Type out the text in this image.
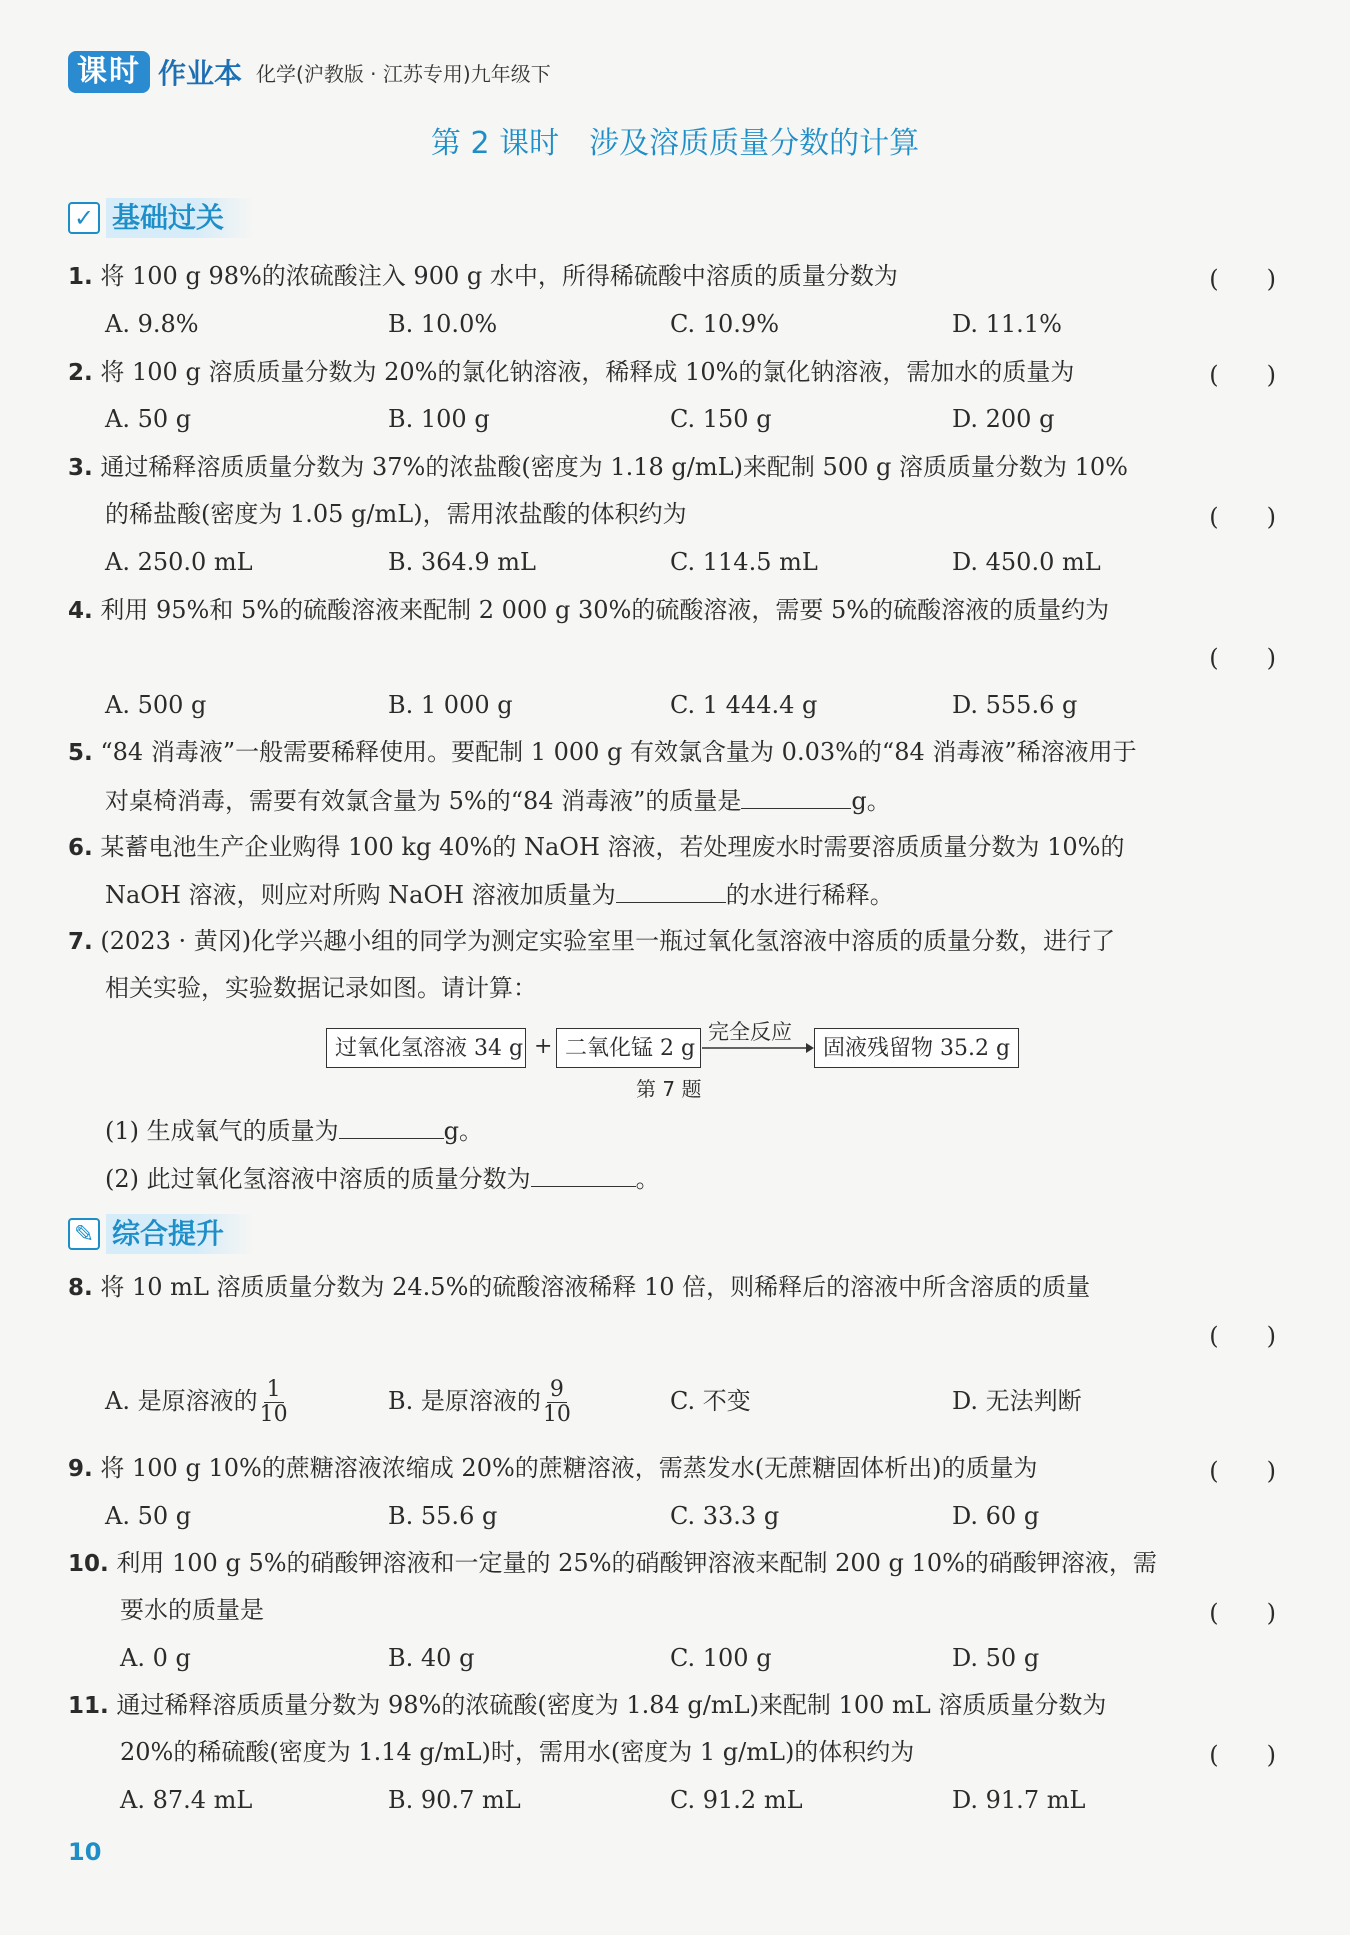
课时 作业本 化学(沪教版 · 江苏专用)九年级下
第 2 课时　涉及溶质质量分数的计算
✓ 基础过关
1. 将 100 g 98%的浓硫酸注入 900 g 水中，所得稀硫酸中溶质的质量分数为	(　　)
A. 9.8%	B. 10.0%	C. 10.9%	D. 11.1%
2. 将 100 g 溶质质量分数为 20%的氯化钠溶液，稀释成 10%的氯化钠溶液，需加水的质量为	(　　)
A. 50 g	B. 100 g	C. 150 g	D. 200 g
3. 通过稀释溶质质量分数为 37%的浓盐酸(密度为 1.18 g/mL)来配制 500 g 溶质质量分数为 10%
的稀盐酸(密度为 1.05 g/mL)，需用浓盐酸的体积约为	(　　)
A. 250.0 mL	B. 364.9 mL	C. 114.5 mL	D. 450.0 mL
4. 利用 95%和 5%的硫酸溶液来配制 2 000 g 30%的硫酸溶液，需要 5%的硫酸溶液的质量约为
(　　)
A. 500 g	B. 1 000 g	C. 1 444.4 g	D. 555.6 g
5. “84 消毒液”一般需要稀释使用。要配制 1 000 g 有效氯含量为 0.03%的“84 消毒液”稀溶液用于
对桌椅消毒，需要有效氯含量为 5%的“84 消毒液”的质量是	g。
6. 某蓄电池生产企业购得 100 kg 40%的 NaOH 溶液，若处理废水时需要溶质质量分数为 10%的
NaOH 溶液，则应对所购 NaOH 溶液加质量为	的水进行稀释。
7. (2023 · 黄冈)化学兴趣小组的同学为测定实验室里一瓶过氧化氢溶液中溶质的质量分数，进行了
相关实验，实验数据记录如图。请计算：
过氧化氢溶液 34 g + 二氧化锰 2 g
完全反应
固液残留物 35.2 g
第 7 题
(1) 生成氧气的质量为	g。
(2) 此过氧化氢溶液中溶质的质量分数为	。
✎ 综合提升
8. 将 10 mL 溶质质量分数为 24.5%的硫酸溶液稀释 10 倍，则稀释后的溶液中所含溶质的质量
(　　)
A. 是原溶液的 $\frac{1}{10}$	B. 是原溶液的 $\frac{9}{10}$	C. 不变	D. 无法判断
9. 将 100 g 10%的蔗糖溶液浓缩成 20%的蔗糖溶液，需蒸发水(无蔗糖固体析出)的质量为	(　　)
A. 50 g	B. 55.6 g	C. 33.3 g	D. 60 g
10. 利用 100 g 5%的硝酸钾溶液和一定量的 25%的硝酸钾溶液来配制 200 g 10%的硝酸钾溶液，需
要水的质量是	(　　)
A. 0 g	B. 40 g	C. 100 g	D. 50 g
11. 通过稀释溶质质量分数为 98%的浓硫酸(密度为 1.84 g/mL)来配制 100 mL 溶质质量分数为
20%的稀硫酸(密度为 1.14 g/mL)时，需用水(密度为 1 g/mL)的体积约为	(　　)
A. 87.4 mL	B. 90.7 mL	C. 91.2 mL	D. 91.7 mL
10
